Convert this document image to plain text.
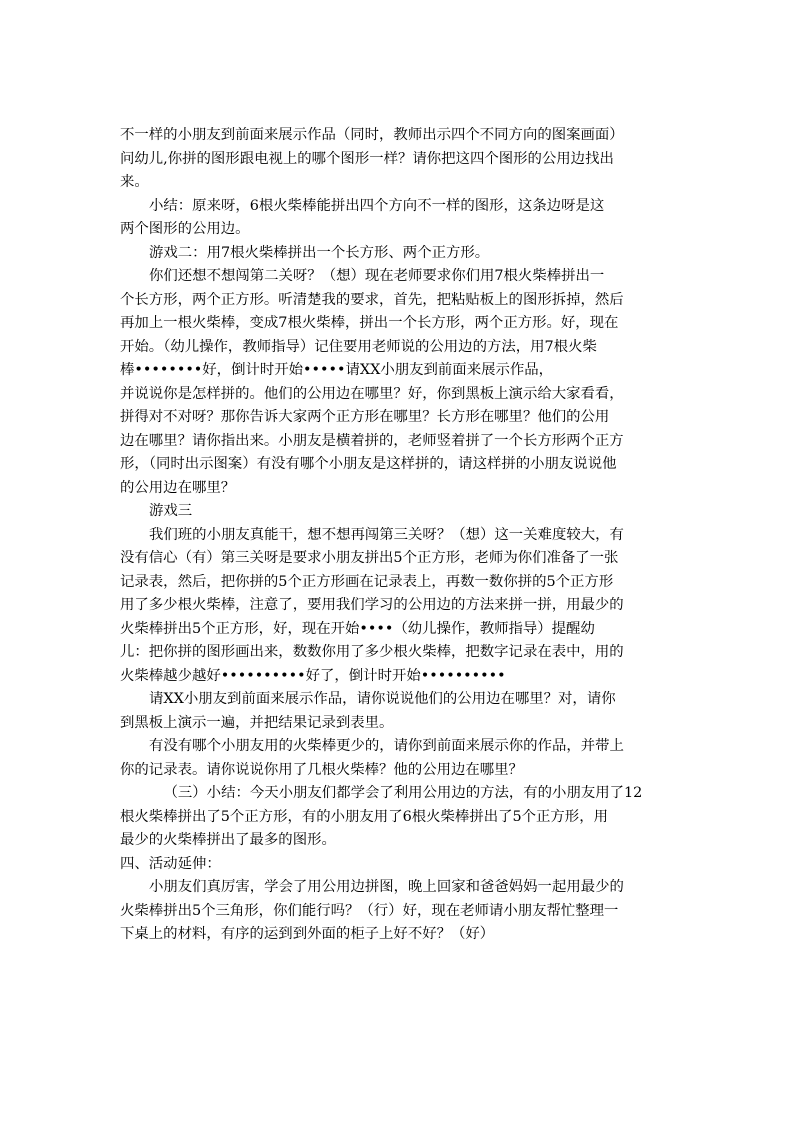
不一样的小朋友到前面来展示作品（同时，教师出示四个不同方向的图案画面）
问幼儿,你拼的图形跟电视上的哪个图形一样？请你把这四个图形的公用边找出
来。
小结：原来呀，6根火柴棒能拼出四个方向不一样的图形，这条边呀是这
两个图形的公用边。
游戏二：用7根火柴棒拼出一个长方形、两个正方形。
你们还想不想闯第二关呀？（想）现在老师要求你们用7根火柴棒拼出一
个长方形，两个正方形。听清楚我的要求，首先，把粘贴板上的图形拆掉，然后
再加上一根火柴棒，变成7根火柴棒，拼出一个长方形，两个正方形。好，现在
开始。（幼儿操作，教师指导）记住要用老师说的公用边的方法，用7根火柴
棒••••••••好，倒计时开始•••••请XX小朋友到前面来展示作品，
并说说你是怎样拼的。他们的公用边在哪里？好，你到黑板上演示给大家看看，
拼得对不对呀？那你告诉大家两个正方形在哪里？长方形在哪里？他们的公用
边在哪里？请你指出来。小朋友是横着拼的，老师竖着拼了一个长方形两个正方
形，（同时出示图案）有没有哪个小朋友是这样拼的，请这样拼的小朋友说说他
的公用边在哪里？
游戏三
我们班的小朋友真能干，想不想再闯第三关呀？（想）这一关难度较大，有
没有信心（有）第三关呀是要求小朋友拼出5个正方形，老师为你们准备了一张
记录表，然后，把你拼的5个正方形画在记录表上，再数一数你拼的5个正方形
用了多少根火柴棒，注意了，要用我们学习的公用边的方法来拼一拼，用最少的
火柴棒拼出5个正方形，好，现在开始••••（幼儿操作，教师指导）提醒幼
儿：把你拼的图形画出来，数数你用了多少根火柴棒，把数字记录在表中，用的
火柴棒越少越好••••••••••好了，倒计时开始••••••••••
请XX小朋友到前面来展示作品，请你说说他们的公用边在哪里？对，请你
到黑板上演示一遍，并把结果记录到表里。
有没有哪个小朋友用的火柴棒更少的，请你到前面来展示你的作品，并带上
你的记录表。请你说说你用了几根火柴棒？他的公用边在哪里？
（三）小结：今天小朋友们都学会了利用公用边的方法，有的小朋友用了12
根火柴棒拼出了5个正方形，有的小朋友用了6根火柴棒拼出了5个正方形，用
最少的火柴棒拼出了最多的图形。
四、活动延伸：
小朋友们真厉害，学会了用公用边拼图，晚上回家和爸爸妈妈一起用最少的
火柴棒拼出5个三角形，你们能行吗？（行）好，现在老师请小朋友帮忙整理一
下桌上的材料，有序的运到到外面的柜子上好不好？（好）
